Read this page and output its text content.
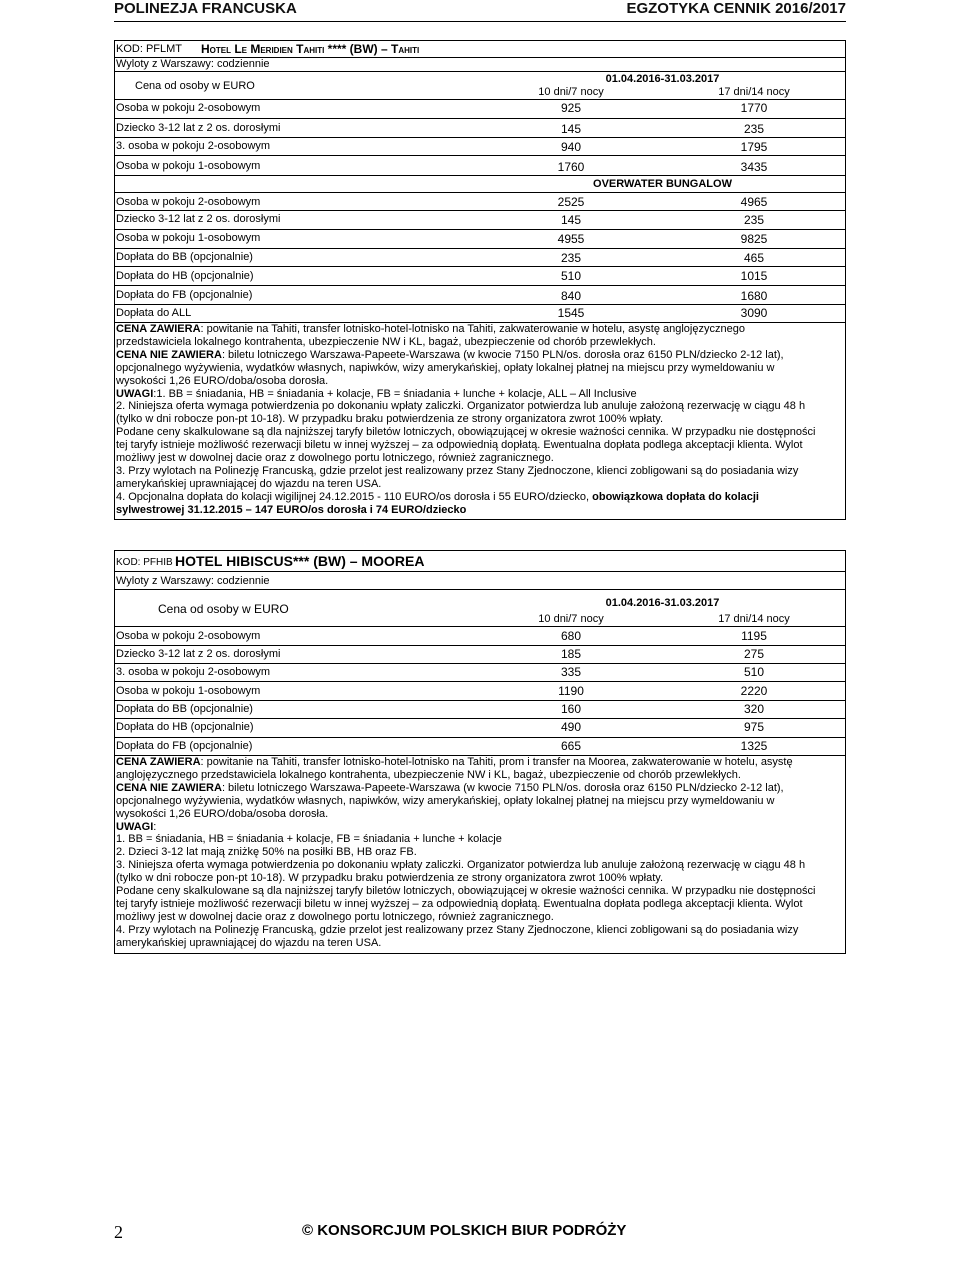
POLINEZJA FRANCUSKA	EGZOTYKA CENNIK 2016/2017
KOD: PFLMT Hotel Le Meridien Tahiti **** (BW) – Tahiti
Wyloty z Warszawy: codziennie
Cena od osoby w EURO
01.04.2016-31.03.2017
10 dni/7 nocy	17 dni/14 nocy
Osoba w pokoju 2-osobowym	925	1770
Dziecko 3-12 lat z 2 os. dorosłymi	145	235
3. osoba w pokoju 2-osobowym	940	1795
Osoba w pokoju 1-osobowym	1760	3435
OVERWATER BUNGALOW
Osoba w pokoju 2-osobowym	2525	4965
Dziecko 3-12 lat z 2 os. dorosłymi	145	235
Osoba w pokoju 1-osobowym	4955	9825
Dopłata do BB (opcjonalnie)	235	465
Dopłata do HB (opcjonalnie)	510	1015
Dopłata do FB (opcjonalnie)	840	1680
Dopłata do ALL	1545	3090
CENA ZAWIERA: powitanie na Tahiti, transfer lotnisko-hotel-lotnisko na Tahiti, zakwaterowanie w hotelu, asystę anglojęzycznego
przedstawiciela lokalnego kontrahenta, ubezpieczenie NW i KL, bagaż, ubezpieczenie od chorób przewlekłych.
CENA NIE ZAWIERA: biletu lotniczego Warszawa-Papeete-Warszawa (w kwocie 7150 PLN/os. dorosła oraz 6150 PLN/dziecko 2-12 lat),
opcjonalnego wyżywienia, wydatków własnych, napiwków, wizy amerykańskiej, opłaty lokalnej płatnej na miejscu przy wymeldowaniu w
wysokości 1,26 EURO/doba/osoba dorosła.
UWAGI:1. BB = śniadania, HB = śniadania + kolacje, FB = śniadania + lunche + kolacje, ALL – All Inclusive
2. Niniejsza oferta wymaga potwierdzenia po dokonaniu wpłaty zaliczki. Organizator potwierdza lub anuluje założoną rezerwację w ciągu 48 h
(tylko w dni robocze pon-pt 10-18). W przypadku braku potwierdzenia ze strony organizatora zwrot 100% wpłaty.
Podane ceny skalkulowane są dla najniższej taryfy biletów lotniczych, obowiązującej w okresie ważności cennika. W przypadku nie dostępności
tej taryfy istnieje możliwość rezerwacji biletu w innej wyższej – za odpowiednią dopłatą. Ewentualna dopłata podlega akceptacji klienta. Wylot
możliwy jest w dowolnej dacie oraz z dowolnego portu lotniczego, również zagranicznego.
3. Przy wylotach na Polinezję Francuską, gdzie przelot jest realizowany przez Stany Zjednoczone, klienci zobligowani są do posiadania wizy
amerykańskiej uprawniającej do wjazdu na teren USA.
4. Opcjonalna dopłata do kolacji wigilijnej 24.12.2015 - 110 EURO/os dorosła i 55 EURO/dziecko, obowiązkowa dopłata do kolacji
sylwestrowej 31.12.2015 – 147 EURO/os dorosła i 74 EURO/dziecko
KOD: PFHIB HOTEL HIBISCUS*** (BW) – MOOREA
Wyloty z Warszawy: codziennie
Cena od osoby w EURO	01.04.2016-31.03.2017
10 dni/7 nocy	17 dni/14 nocy
Osoba w pokoju 2-osobowym	680	1195
Dziecko 3-12 lat z 2 os. dorosłymi	185	275
3. osoba w pokoju 2-osobowym	335	510
Osoba w pokoju 1-osobowym	1190	2220
Dopłata do BB (opcjonalnie)	160	320
Dopłata do HB (opcjonalnie)	490	975
Dopłata do FB (opcjonalnie)	665	1325
CENA ZAWIERA: powitanie na Tahiti, transfer lotnisko-hotel-lotnisko na Tahiti, prom i transfer na Moorea, zakwaterowanie w hotelu, asystę
anglojęzycznego przedstawiciela lokalnego kontrahenta, ubezpieczenie NW i KL, bagaż, ubezpieczenie od chorób przewlekłych.
CENA NIE ZAWIERA: biletu lotniczego Warszawa-Papeete-Warszawa (w kwocie 7150 PLN/os. dorosła oraz 6150 PLN/dziecko 2-12 lat),
opcjonalnego wyżywienia, wydatków własnych, napiwków, wizy amerykańskiej, opłaty lokalnej płatnej na miejscu przy wymeldowaniu w
wysokości 1,26 EURO/doba/osoba dorosła.
UWAGI:
1. BB = śniadania, HB = śniadania + kolacje, FB = śniadania + lunche + kolacje
2. Dzieci 3-12 lat mają zniżkę 50% na posiłki BB, HB oraz FB.
3. Niniejsza oferta wymaga potwierdzenia po dokonaniu wpłaty zaliczki. Organizator potwierdza lub anuluje założoną rezerwację w ciągu 48 h
(tylko w dni robocze pon-pt 10-18). W przypadku braku potwierdzenia ze strony organizatora zwrot 100% wpłaty.
Podane ceny skalkulowane są dla najniższej taryfy biletów lotniczych, obowiązującej w okresie ważności cennika. W przypadku nie dostępności
tej taryfy istnieje możliwość rezerwacji biletu w innej wyższej – za odpowiednią dopłatą. Ewentualna dopłata podlega akceptacji klienta. Wylot
możliwy jest w dowolnej dacie oraz z dowolnego portu lotniczego, również zagranicznego.
4. Przy wylotach na Polinezję Francuską, gdzie przelot jest realizowany przez Stany Zjednoczone, klienci zobligowani są do posiadania wizy
amerykańskiej uprawniającej do wjazdu na teren USA.
2	© KONSORCJUM POLSKICH BIUR PODRÓŻY
